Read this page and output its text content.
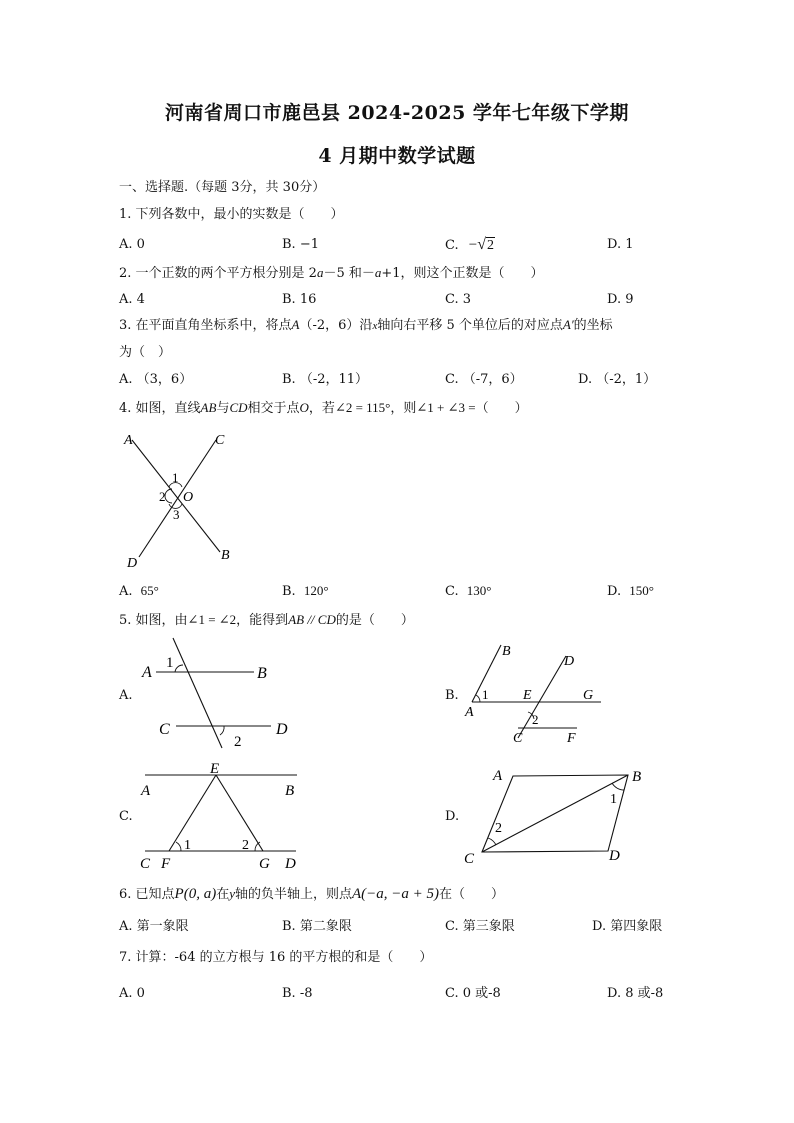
河南省周口市鹿邑县 2024-2025 学年七年级下学期
4 月期中数学试题
一、选择题.（每题 3分，共 30分）
1. 下列各数中，最小的实数是（　　）
A. 0	B. −1	C. −√2	D. 1
2. 一个正数的两个平方根分别是 2a－5 和－a+1，则这个正数是（　　）
A. 4	B. 16	C. 3	D. 9
3. 在平面直角坐标系中，将点A（-2，6）沿x轴向右平移 5 个单位后的对应点A′的坐标
为（　）
A. （3，6）	B. （-2，11）	C. （-7，6）	D. （-2，1）
4. 如图，直线AB与CD相交于点O，若∠2 = 115°，则∠1 + ∠3 =（　　）
A	C
D
B
O
1
2
3
A. 65°	B. 120°	C. 130°	D. 150°
5. 如图，由∠1 = ∠2，能得到AB // CD的是（　　）
A.
A	B
C	D
1
2
B.
B
D
A
E	G
C	F
1
2
C.
E
A	B
C F	G D
1	2
D.
A	B
C	D
1
2
6. 已知点P(0, a)在y轴的负半轴上，则点A(−a, −a + 5)在（　　）
A. 第一象限	B. 第二象限	C. 第三象限	D. 第四象限
7. 计算：-64 的立方根与 16 的平方根的和是（　　）
A. 0	B. -8	C. 0 或-8	D. 8 或-8
